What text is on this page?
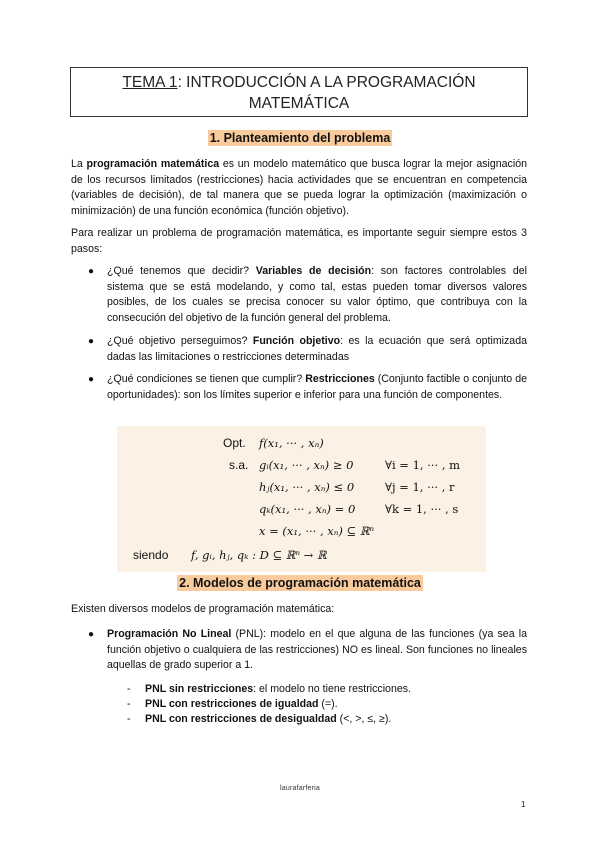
TEMA 1: INTRODUCCIÓN A LA PROGRAMACIÓN MATEMÁTICA
1. Planteamiento del problema
La programación matemática es un modelo matemático que busca lograr la mejor asignación de los recursos limitados (restricciones) hacia actividades que se encuentran en competencia (variables de decisión), de tal manera que se pueda lograr la optimización (maximización o minimización) de una función económica (función objetivo).
Para realizar un problema de programación matemática, es importante seguir siempre estos 3 pasos:
● ¿Qué tenemos que decidir? Variables de decisión: son factores controlables del sistema que se está modelando, y como tal, estas pueden tomar diversos valores posibles, de los cuales se precisa conocer su valor óptimo, que contribuya con la consecución del objetivo de la función general del problema.
● ¿Qué objetivo perseguimos? Función objetivo: es la ecuación que será optimizada dadas las limitaciones o restricciones determinadas
● ¿Qué condiciones se tienen que cumplir? Restricciones (Conjunto factible o conjunto de oportunidades): son los límites superior e inferior para una función de componentes.
Opt. f(x₁, ··· , xₙ)
s.a. gᵢ(x₁, ··· , xₙ) ≥ 0	∀i = 1, ··· , m
hⱼ(x₁, ··· , xₙ) ≤ 0	∀j = 1, ··· , r
qₖ(x₁, ··· , xₙ) = 0	∀k = 1, ··· , s
x = (x₁, ··· , xₙ) ⊆ ℝⁿ
siendo f, gᵢ, hⱼ, qₖ : D ⊆ ℝⁿ → ℝ
2. Modelos de programación matemática
Existen diversos modelos de programación matemática:
● Programación No Lineal (PNL): modelo en el que alguna de las funciones (ya sea la función objetivo o cualquiera de las restricciones) NO es lineal. Son funciones no lineales aquellas de grado superior a 1.
- PNL sin restricciones: el modelo no tiene restricciones.
- PNL con restricciones de igualdad (=).
- PNL con restricciones de desigualdad (<, >, ≤, ≥).
laurafarferia
1
